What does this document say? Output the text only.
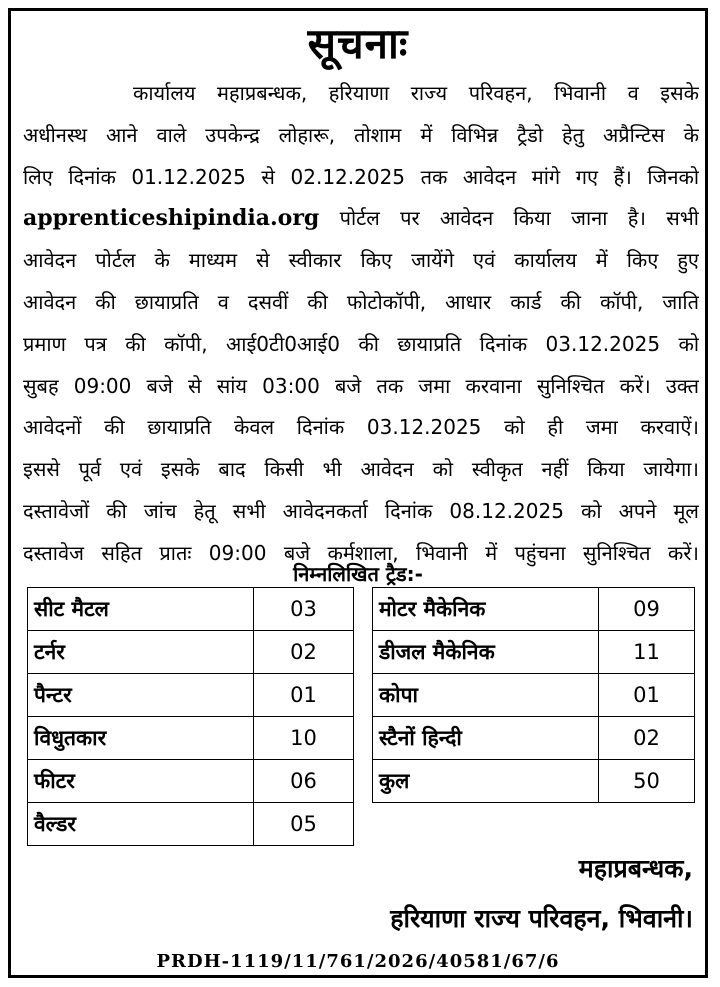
सूचनाः
कार्यालय महाप्रबन्धक, हरियाणा राज्य परिवहन, भिवानी व इसके
अधीनस्थ आने वाले उपकेन्द्र लोहारू, तोशाम में विभिन्न ट्रैडो हेतु अप्रैन्टिस के
लिए दिनांक 01.12.2025 से 02.12.2025 तक आवेदन मांगे गए हैं। जिनको
apprenticeshipindia.org पोर्टल पर आवेदन किया जाना है। सभी
आवेदन पोर्टल के माध्यम से स्वीकार किए जायेंगे एवं कार्यालय में किए हुए
आवेदन की छायाप्रति व दसवीं की फोटोकॉपी, आधार कार्ड की कॉपी, जाति
प्रमाण पत्र की कॉपी, आई0टी0आई0 की छायाप्रति दिनांक 03.12.2025 को
सुबह 09:00 बजे से सांय 03:00 बजे तक जमा करवाना सुनिश्चित करें। उक्त
आवेदनों की छायाप्रति केवल दिनांक 03.12.2025 को ही जमा करवाऐं।
इससे पूर्व एवं इसके बाद किसी भी आवेदन को स्वीकृत नहीं किया जायेगा।
दस्तावेजों की जांच हेतू सभी आवेदनकर्ता दिनांक 08.12.2025 को अपने मूल
दस्तावेज सहित प्रातः 09:00 बजे कर्मशाला, भिवानी में पहुंचना सुनिश्चित करें।
निम्नलिखित ट्रैड:-
सीट मैटल	03
टर्नर	02
पैन्टर	01
विधुतकार	10
फीटर	06
वैल्डर	05
मोटर मैकेनिक	09
डीजल मैकेनिक	11
कोपा	01
स्टैनों हिन्दी	02
कुल	50
महाप्रबन्धक,
हरियाणा राज्य परिवहन, भिवानी।
PRDH-1119/11/761/2026/40581/67/6
